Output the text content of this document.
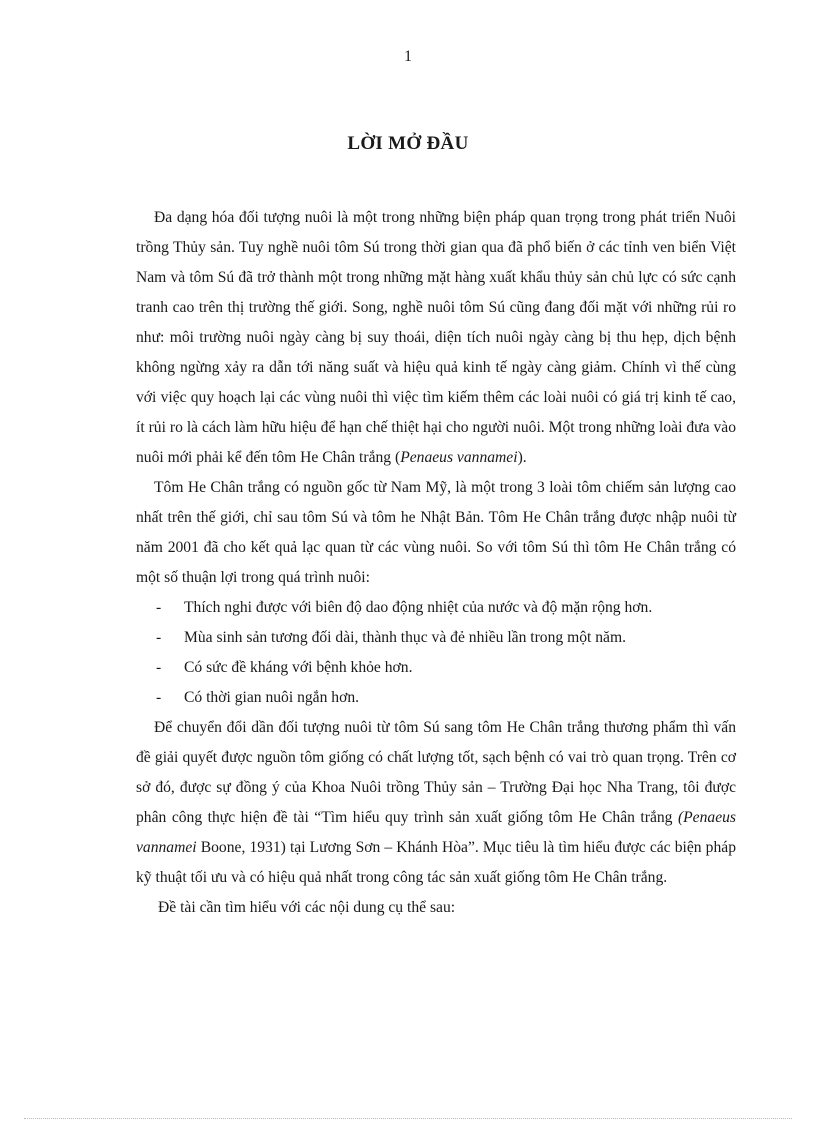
1
LỜI MỞ ĐẦU

Đa dạng hóa đối tượng nuôi là một trong những biện pháp quan trọng trong phát triển Nuôi trồng Thủy sản. Tuy nghề nuôi tôm Sú trong thời gian qua đã phổ biến ở các tỉnh ven biển Việt Nam và tôm Sú đã trở thành một trong những mặt hàng xuất khẩu thủy sản chủ lực có sức cạnh tranh cao trên thị trường thế giới. Song, nghề nuôi tôm Sú cũng đang đối mặt với những rủi ro như: môi trường nuôi ngày càng bị suy thoái, diện tích nuôi ngày càng bị thu hẹp, dịch bệnh không ngừng xảy ra dẫn tới năng suất và hiệu quả kinh tế ngày càng giảm. Chính vì thế cùng với việc quy hoạch lại các vùng nuôi thì việc tìm kiếm thêm các loài nuôi có giá trị kinh tế cao, ít rủi ro là cách làm hữu hiệu để hạn chế thiệt hại cho người nuôi. Một trong những loài đưa vào nuôi mới phải kể đến tôm He Chân trắng (Penaeus vannamei).

Tôm He Chân trắng có nguồn gốc từ Nam Mỹ, là một trong 3 loài tôm chiếm sản lượng cao nhất trên thế giới, chỉ sau tôm Sú và tôm he Nhật Bản. Tôm He Chân trắng được nhập nuôi từ năm 2001 đã cho kết quả lạc quan từ các vùng nuôi. So với tôm Sú thì tôm He Chân trắng có một số thuận lợi trong quá trình nuôi:

- Thích nghi được với biên độ dao động nhiệt của nước và độ mặn rộng hơn.
- Mùa sinh sản tương đối dài, thành thục và đẻ nhiều lần trong một năm.
- Có sức đề kháng với bệnh khỏe hơn.
- Có thời gian nuôi ngắn hơn.

Để chuyển đổi dần đối tượng nuôi từ tôm Sú sang tôm He Chân trắng thương phẩm thì vấn đề giải quyết được nguồn tôm giống có chất lượng tốt, sạch bệnh có vai trò quan trọng. Trên cơ sở đó, được sự đồng ý của Khoa Nuôi trồng Thủy sản – Trường Đại học Nha Trang, tôi được phân công thực hiện đề tài “Tìm hiểu quy trình sản xuất giống tôm He Chân trắng (Penaeus vannamei Boone, 1931) tại Lương Sơn – Khánh Hòa”. Mục tiêu là tìm hiểu được các biện pháp kỹ thuật tối ưu và có hiệu quả nhất trong công tác sản xuất giống tôm He Chân trắng.

Đề tài cần tìm hiểu với các nội dung cụ thể sau:
